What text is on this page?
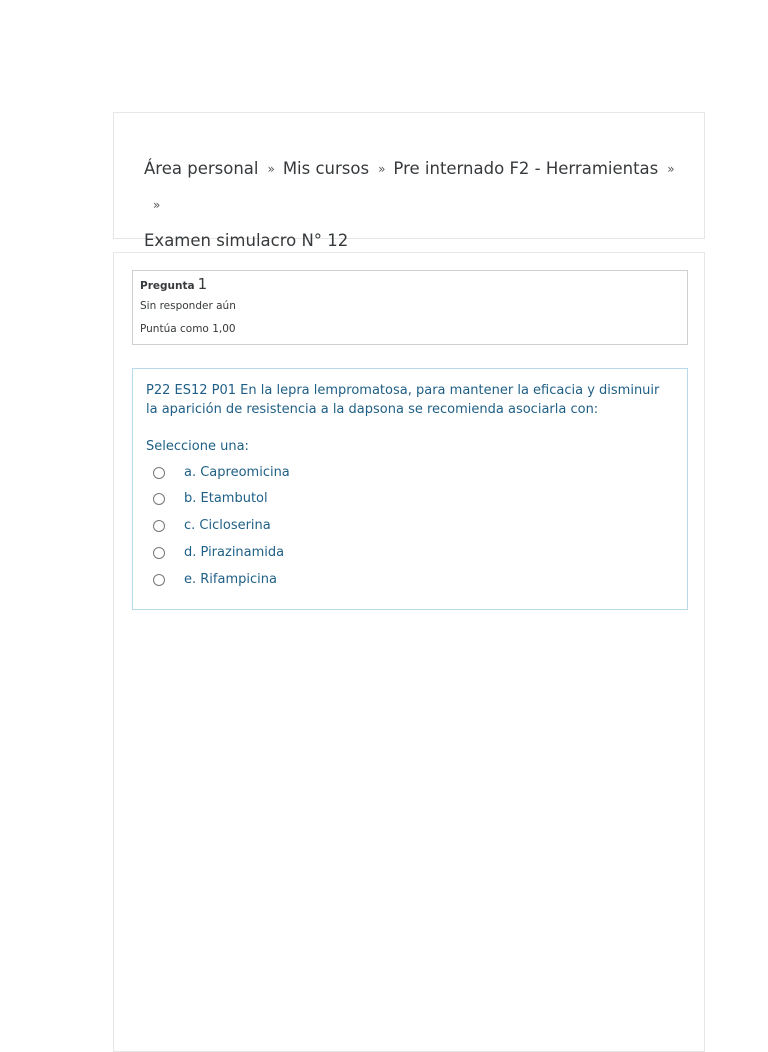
Área personal » Mis cursos » Pre internado F2 - Herramientas »»
Examen simulacro N° 12
Pregunta 1
Sin responder aún
Puntúa como 1,00
P22 ES12 P01 En la lepra lempromatosa, para mantener la eficacia y disminuir la aparición de resistencia a la dapsona se recomienda asociarla con:
Seleccione una:
a. Capreomicina
b. Etambutol
c. Cicloserina
d. Pirazinamida
e. Rifampicina
